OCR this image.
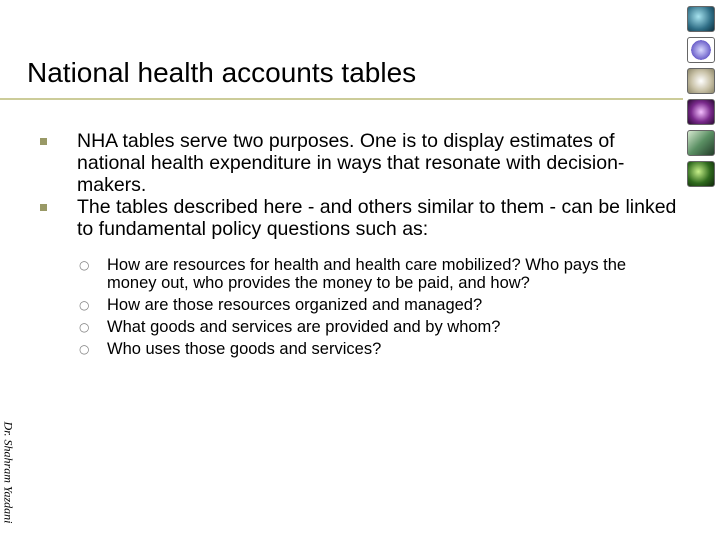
National health accounts tables
NHA tables serve two purposes. One is to display estimates of national health expenditure in ways that resonate with decision-makers.
The tables described here - and others similar to them - can be linked to fundamental policy questions such as:
○ How are resources for health and health care mobilized? Who pays the money out, who provides the money to be paid, and how?
○ How are those resources organized and managed?
○ What goods and services are provided and by whom?
○ Who uses those goods and services?
Dr. Shahram Yazdani
